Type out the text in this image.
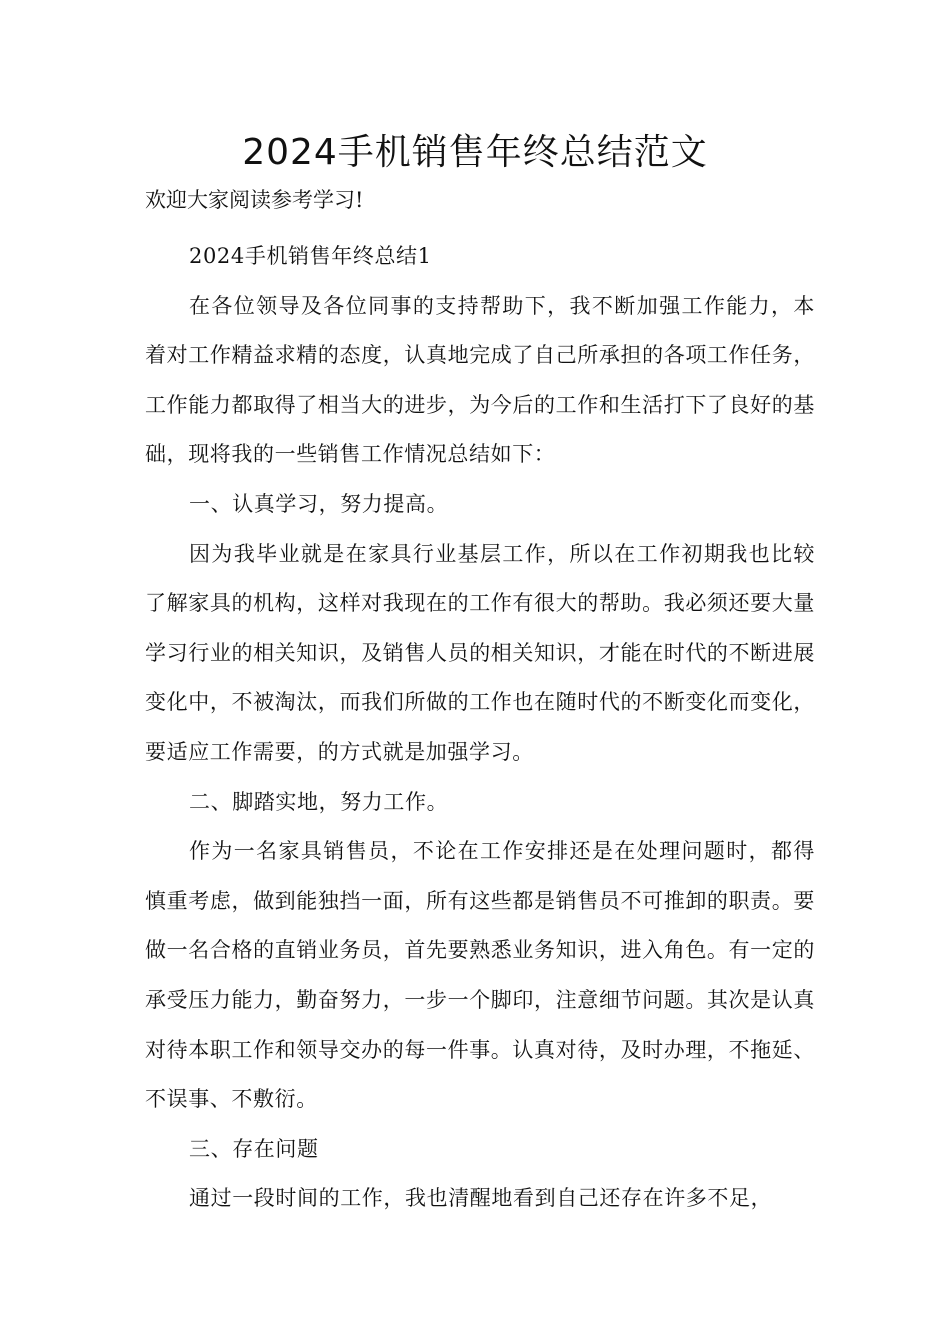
2024手机销售年终总结范文
欢迎大家阅读参考学习!

2024手机销售年终总结1

在各位领导及各位同事的支持帮助下，我不断加强工作能力，本着对工作精益求精的态度，认真地完成了自己所承担的各项工作任务，工作能力都取得了相当大的进步，为今后的工作和生活打下了良好的基础，现将我的一些销售工作情况总结如下：

一、认真学习，努力提高。

因为我毕业就是在家具行业基层工作，所以在工作初期我也比较了解家具的机构，这样对我现在的工作有很大的帮助。我必须还要大量学习行业的相关知识，及销售人员的相关知识，才能在时代的不断进展变化中，不被淘汰，而我们所做的工作也在随时代的不断变化而变化，要适应工作需要，的方式就是加强学习。

二、脚踏实地，努力工作。

作为一名家具销售员，不论在工作安排还是在处理问题时，都得慎重考虑，做到能独挡一面，所有这些都是销售员不可推卸的职责。要做一名合格的直销业务员，首先要熟悉业务知识，进入角色。有一定的承受压力能力，勤奋努力，一步一个脚印，注意细节问题。其次是认真对待本职工作和领导交办的每一件事。认真对待，及时办理，不拖延、不误事、不敷衍。

三、存在问题

通过一段时间的工作，我也清醒地看到自己还存在许多不足，
